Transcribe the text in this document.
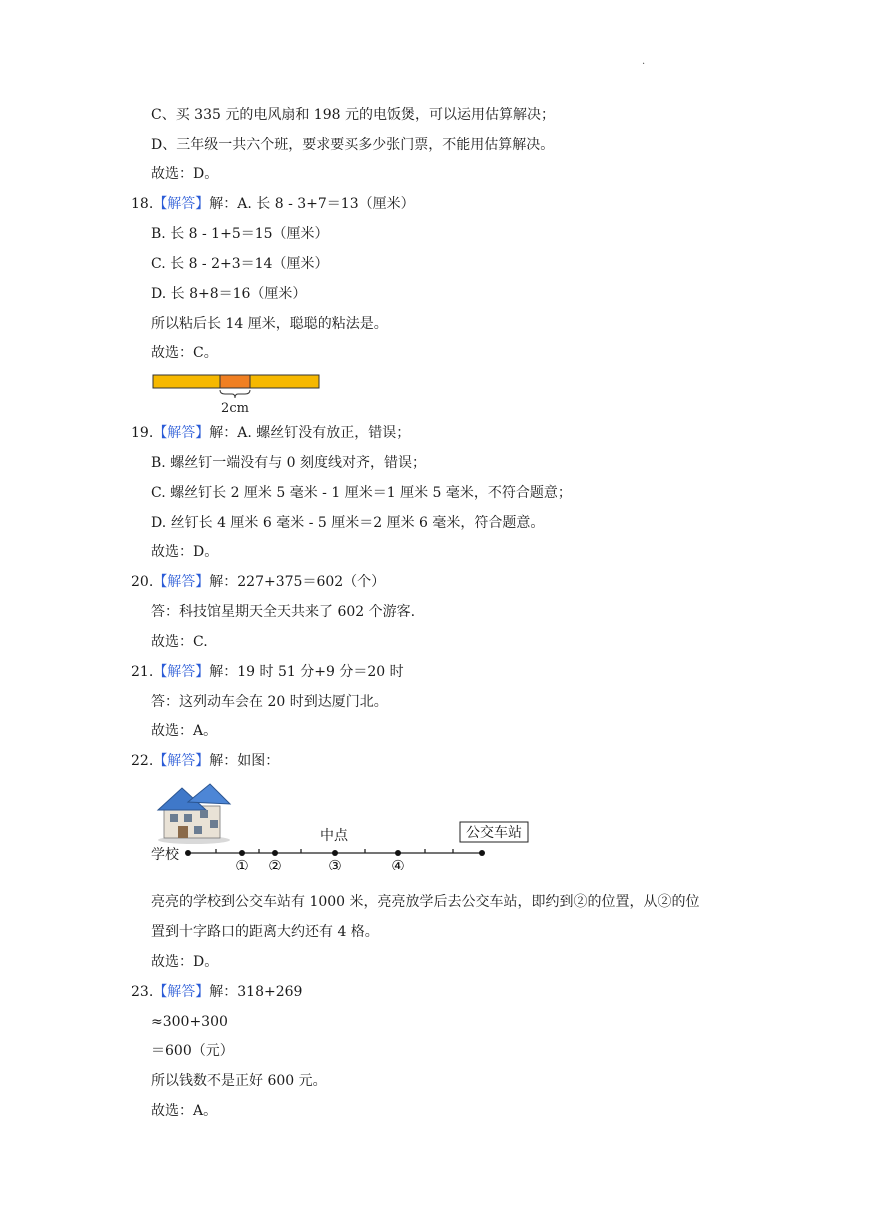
.
C、买 335 元的电风扇和 198 元的电饭煲，可以运用估算解决；
D、三年级一共六个班，要求要买多少张门票，不能用估算解决。
故选：D。
18.【解答】解：A. 长 8 - 3+7＝13（厘米）
B. 长 8 - 1+5＝15（厘米）
C. 长 8 - 2+3＝14（厘米）
D. 长 8+8＝16（厘米）
所以粘后长 14 厘米，聪聪的粘法是。
故选：C。
2cm
19.【解答】解：A. 螺丝钉没有放正，错误；
B. 螺丝钉一端没有与 0 刻度线对齐，错误；
C. 螺丝钉长 2 厘米 5 毫米 - 1 厘米＝1 厘米 5 毫米，不符合题意；
D. 丝钉长 4 厘米 6 毫米 - 5 厘米＝2 厘米 6 毫米，符合题意。
故选：D。
20.【解答】解：227+375＝602（个）
答：科技馆星期天全天共来了 602 个游客.
故选：C.
21.【解答】解：19 时 51 分+9 分＝20 时
答：这列动车会在 20 时到达厦门北。
故选：A。
22.【解答】解：如图：
学校
中点	公交车站
① ②	③	④
亮亮的学校到公交车站有 1000 米，亮亮放学后去公交车站，即约到②的位置，从②的位
置到十字路口的距离大约还有 4 格。
故选：D。
23.【解答】解：318+269
≈300+300
＝600（元）
所以钱数不是正好 600 元。
故选：A。
